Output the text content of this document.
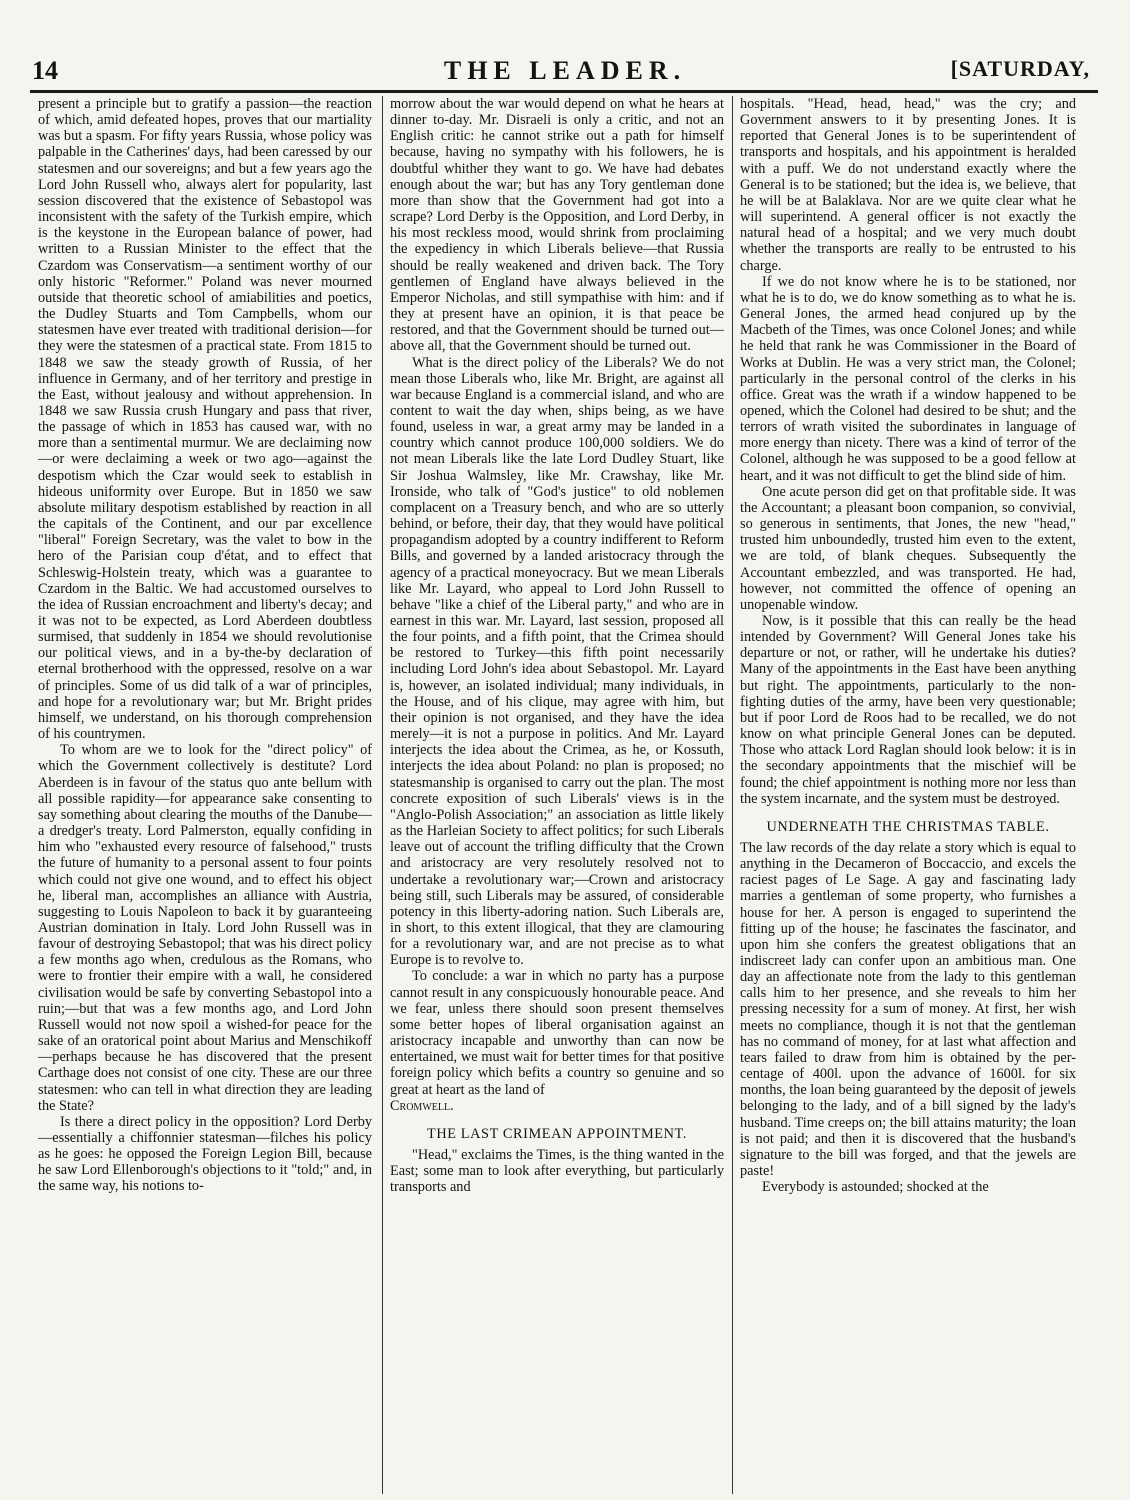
14	THE LEADER.	[SATURDAY,

present a principle but to gratify a passion—the reaction of which, amid defeated hopes, proves that our martiality was but a spasm. For fifty years Russia, whose policy was palpable in the Catherines' days, had been caressed by our statesmen and our sovereigns; and but a few years ago the Lord John Russell who, always alert for popularity, last session discovered that the existence of Sebastopol was inconsistent with the safety of the Turkish empire, which is the keystone in the European balance of power, had written to a Russian Minister to the effect that the Czardom was Conservatism—a sentiment worthy of our only historic "Reformer." Poland was never mourned outside that theoretic school of amiabilities and poetics, the Dudley Stuarts and Tom Campbells, whom our statesmen have ever treated with traditional derision—for they were the statesmen of a practical state. From 1815 to 1848 we saw the steady growth of Russia, of her influence in Germany, and of her territory and prestige in the East, without jealousy and without apprehension. In 1848 we saw Russia crush Hungary and pass that river, the passage of which in 1853 has caused war, with no more than a sentimental murmur. We are declaiming now—or were declaiming a week or two ago—against the despotism which the Czar would seek to establish in hideous uniformity over Europe. But in 1850 we saw absolute military despotism established by reaction in all the capitals of the Continent, and our par excellence "liberal" Foreign Secretary, was the valet to bow in the hero of the Parisian coup d'état, and to effect that Schleswig-Holstein treaty, which was a guarantee to Czardom in the Baltic. We had accustomed ourselves to the idea of Russian encroachment and liberty's decay; and it was not to be expected, as Lord Aberdeen doubtless surmised, that suddenly in 1854 we should revolutionise our political views, and in a by-the-by declaration of eternal brotherhood with the oppressed, resolve on a war of principles. Some of us did talk of a war of principles, and hope for a revolutionary war; but Mr. Bright prides himself, we understand, on his thorough comprehension of his countrymen.

To whom are we to look for the "direct policy" of which the Government collectively is destitute? Lord Aberdeen is in favour of the status quo ante bellum with all possible rapidity—for appearance sake consenting to say something about clearing the mouths of the Danube—a dredger's treaty. Lord Palmerston, equally confiding in him who "exhausted every resource of falsehood," trusts the future of humanity to a personal assent to four points which could not give one wound, and to effect his object he, liberal man, accomplishes an alliance with Austria, suggesting to Louis Napoleon to back it by guaranteeing Austrian domination in Italy. Lord John Russell was in favour of destroying Sebastopol; that was his direct policy a few months ago when, credulous as the Romans, who were to frontier their empire with a wall, he considered civilisation would be safe by converting Sebastopol into a ruin;—but that was a few months ago, and Lord John Russell would not now spoil a wished-for peace for the sake of an oratorical point about Marius and Menschikoff—perhaps because he has discovered that the present Carthage does not consist of one city. These are our three statesmen: who can tell in what direction they are leading the State?

Is there a direct policy in the opposition? Lord Derby—essentially a chiffonnier statesman—filches his policy as he goes: he opposed the Foreign Legion Bill, because he saw Lord Ellenborough's objections to it "told;" and, in the same way, his notions to-

morrow about the war would depend on what he hears at dinner to-day. Mr. Disraeli is only a critic, and not an English critic: he cannot strike out a path for himself because, having no sympathy with his followers, he is doubtful whither they want to go. We have had debates enough about the war; but has any Tory gentleman done more than show that the Government had got into a scrape? Lord Derby is the Opposition, and Lord Derby, in his most reckless mood, would shrink from proclaiming the expediency in which Liberals believe—that Russia should be really weakened and driven back. The Tory gentlemen of England have always believed in the Emperor Nicholas, and still sympathise with him: and if they at present have an opinion, it is that peace be restored, and that the Government should be turned out—above all, that the Government should be turned out.

What is the direct policy of the Liberals? We do not mean those Liberals who, like Mr. Bright, are against all war because England is a commercial island, and who are content to wait the day when, ships being, as we have found, useless in war, a great army may be landed in a country which cannot produce 100,000 soldiers. We do not mean Liberals like the late Lord Dudley Stuart, like Sir Joshua Walmsley, like Mr. Crawshay, like Mr. Ironside, who talk of "God's justice" to old noblemen complacent on a Treasury bench, and who are so utterly behind, or before, their day, that they would have political propagandism adopted by a country indifferent to Reform Bills, and governed by a landed aristocracy through the agency of a practical moneyocracy. But we mean Liberals like Mr. Layard, who appeal to Lord John Russell to behave "like a chief of the Liberal party," and who are in earnest in this war. Mr. Layard, last session, proposed all the four points, and a fifth point, that the Crimea should be restored to Turkey—this fifth point necessarily including Lord John's idea about Sebastopol. Mr. Layard is, however, an isolated individual; many individuals, in the House, and of his clique, may agree with him, but their opinion is not organised, and they have the idea merely—it is not a purpose in politics. And Mr. Layard interjects the idea about the Crimea, as he, or Kossuth, interjects the idea about Poland: no plan is proposed; no statesmanship is organised to carry out the plan. The most concrete exposition of such Liberals' views is in the "Anglo-Polish Association;" an association as little likely as the Harleian Society to affect politics; for such Liberals leave out of account the trifling difficulty that the Crown and aristocracy are very resolutely resolved not to undertake a revolutionary war;—Crown and aristocracy being still, such Liberals may be assured, of considerable potency in this liberty-adoring nation. Such Liberals are, in short, to this extent illogical, that they are clamouring for a revolutionary war, and are not precise as to what Europe is to revolve to.

To conclude: a war in which no party has a purpose cannot result in any conspicuously honourable peace. And we fear, unless there should soon present themselves some better hopes of liberal organisation against an aristocracy incapable and unworthy than can now be entertained, we must wait for better times for that positive foreign policy which befits a country so genuine and so great at heart as the land of

Cromwell.

THE LAST CRIMEAN APPOINTMENT.

"Head," exclaims the Times, is the thing wanted in the East; some man to look after everything, but particularly transports and

hospitals. "Head, head, head," was the cry; and Government answers to it by presenting Jones. It is reported that General Jones is to be superintendent of transports and hospitals, and his appointment is heralded with a puff. We do not understand exactly where the General is to be stationed; but the idea is, we believe, that he will be at Balaklava. Nor are we quite clear what he will superintend. A general officer is not exactly the natural head of a hospital; and we very much doubt whether the transports are really to be entrusted to his charge.

If we do not know where he is to be stationed, nor what he is to do, we do know something as to what he is. General Jones, the armed head conjured up by the Macbeth of the Times, was once Colonel Jones; and while he held that rank he was Commissioner in the Board of Works at Dublin. He was a very strict man, the Colonel; particularly in the personal control of the clerks in his office. Great was the wrath if a window happened to be opened, which the Colonel had desired to be shut; and the terrors of wrath visited the subordinates in language of more energy than nicety. There was a kind of terror of the Colonel, although he was supposed to be a good fellow at heart, and it was not difficult to get the blind side of him.

One acute person did get on that profitable side. It was the Accountant; a pleasant boon companion, so convivial, so generous in sentiments, that Jones, the new "head," trusted him unboundedly, trusted him even to the extent, we are told, of blank cheques. Subsequently the Accountant embezzled, and was transported. He had, however, not committed the offence of opening an unopenable window.

Now, is it possible that this can really be the head intended by Government? Will General Jones take his departure or not, or rather, will he undertake his duties? Many of the appointments in the East have been anything but right. The appointments, particularly to the non-fighting duties of the army, have been very questionable; but if poor Lord de Roos had to be recalled, we do not know on what principle General Jones can be deputed. Those who attack Lord Raglan should look below: it is in the secondary appointments that the mischief will be found; the chief appointment is nothing more nor less than the system incarnate, and the system must be destroyed.

UNDERNEATH THE CHRISTMAS TABLE.

The law records of the day relate a story which is equal to anything in the Decameron of Boccaccio, and excels the raciest pages of Le Sage. A gay and fascinating lady marries a gentleman of some property, who furnishes a house for her. A person is engaged to superintend the fitting up of the house; he fascinates the fascinator, and upon him she confers the greatest obligations that an indiscreet lady can confer upon an ambitious man. One day an affectionate note from the lady to this gentleman calls him to her presence, and she reveals to him her pressing necessity for a sum of money. At first, her wish meets no compliance, though it is not that the gentleman has no command of money, for at last what affection and tears failed to draw from him is obtained by the per-centage of 400l. upon the advance of 1600l. for six months, the loan being guaranteed by the deposit of jewels belonging to the lady, and of a bill signed by the lady's husband. Time creeps on; the bill attains maturity; the loan is not paid; and then it is discovered that the husband's signature to the bill was forged, and that the jewels are paste!

Everybody is astounded; shocked at the
